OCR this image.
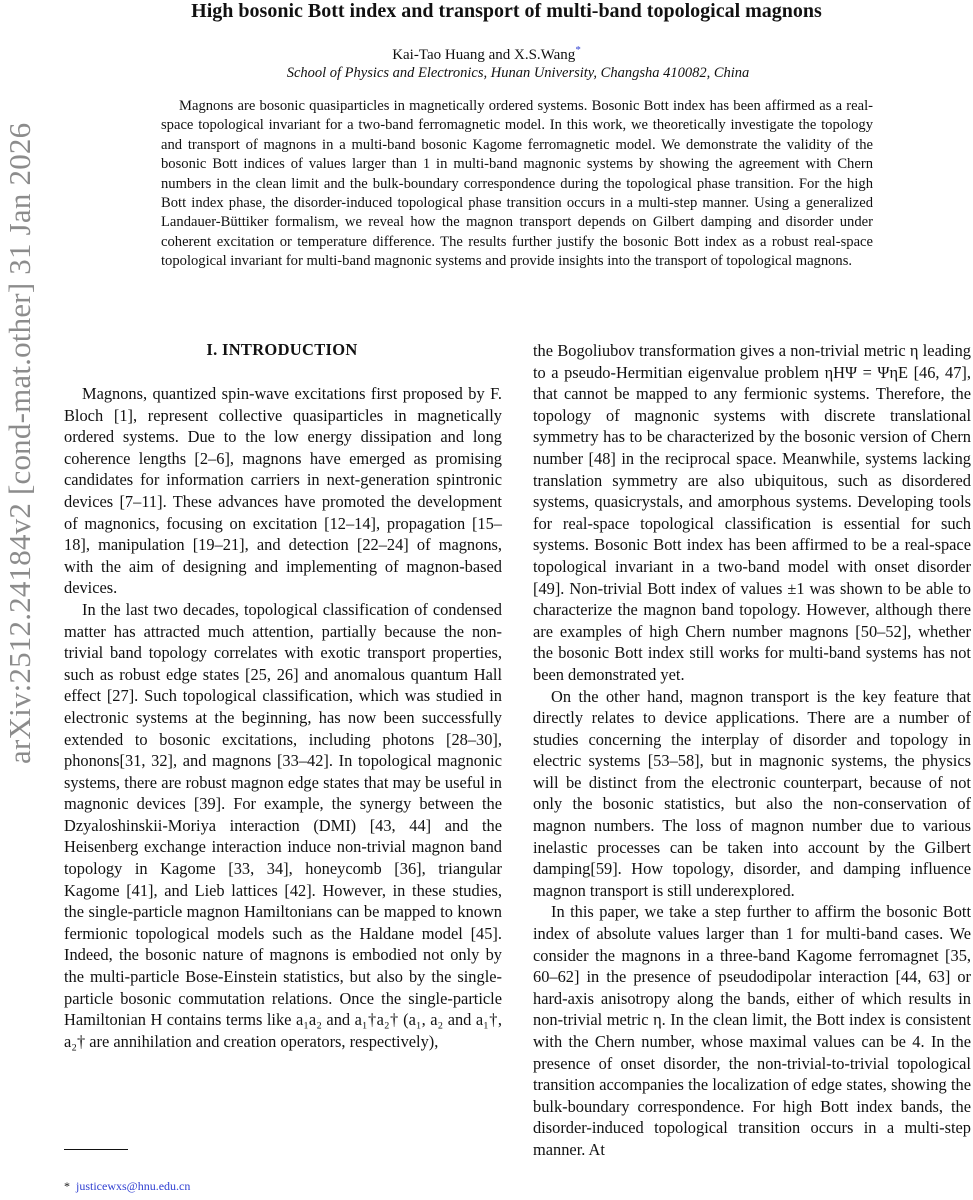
arXiv:2512.24184v2 [cond-mat.other] 31 Jan 2026
High bosonic Bott index and transport of multi-band topological magnons
Kai-Tao Huang and X.S.Wang*
School of Physics and Electronics, Hunan University, Changsha 410082, China

Magnons are bosonic quasiparticles in magnetically ordered systems. Bosonic Bott index has been affirmed as a real-space topological invariant for a two-band ferromagnetic model. In this work, we theoretically investigate the topology and transport of magnons in a multi-band bosonic Kagome ferromagnetic model. We demonstrate the validity of the bosonic Bott indices of values larger than 1 in multi-band magnonic systems by showing the agreement with Chern numbers in the clean limit and the bulk-boundary correspondence during the topological phase transition. For the high Bott index phase, the disorder-induced topological phase transition occurs in a multi-step manner. Using a generalized Landauer-Büttiker formalism, we reveal how the magnon transport depends on Gilbert damping and disorder under coherent excitation or temperature difference. The results further justify the bosonic Bott index as a robust real-space topological invariant for multi-band magnonic systems and provide insights into the transport of topological magnons.

I. INTRODUCTION

Magnons, quantized spin-wave excitations first proposed by F. Bloch [1], represent collective quasiparticles in magnetically ordered systems. Due to the low energy dissipation and long coherence lengths [2–6], magnons have emerged as promising candidates for information carriers in next-generation spintronic devices [7–11]. These advances have promoted the development of magnonics, focusing on excitation [12–14], propagation [15–18], manipulation [19–21], and detection [22–24] of magnons, with the aim of designing and implementing of magnon-based devices.

In the last two decades, topological classification of condensed matter has attracted much attention, partially because the non-trivial band topology correlates with exotic transport properties, such as robust edge states [25, 26] and anomalous quantum Hall effect [27]. Such topological classification, which was studied in electronic systems at the beginning, has now been successfully extended to bosonic excitations, including photons [28–30], phonons[31, 32], and magnons [33–42]. In topological magnonic systems, there are robust magnon edge states that may be useful in magnonic devices [39]. For example, the synergy between the Dzyaloshinskii-Moriya interaction (DMI) [43, 44] and the Heisenberg exchange interaction induce non-trivial magnon band topology in Kagome [33, 34], honeycomb [36], triangular Kagome [41], and Lieb lattices [42]. However, in these studies, the single-particle magnon Hamiltonians can be mapped to known fermionic topological models such as the Haldane model [45]. Indeed, the bosonic nature of magnons is embodied not only by the multi-particle Bose-Einstein statistics, but also by the single-particle bosonic commutation relations. Once the single-particle Hamiltonian H contains terms like a₁a₂ and a₁†a₂† (a₁, a₂ and a₁†, a₂† are annihilation and creation operators, respectively),

the Bogoliubov transformation gives a non-trivial metric η leading to a pseudo-Hermitian eigenvalue problem ηHΨ = ΨηE [46, 47], that cannot be mapped to any fermionic systems. Therefore, the topology of magnonic systems with discrete translational symmetry has to be characterized by the bosonic version of Chern number [48] in the reciprocal space. Meanwhile, systems lacking translation symmetry are also ubiquitous, such as disordered systems, quasicrystals, and amorphous systems. Developing tools for real-space topological classification is essential for such systems. Bosonic Bott index has been affirmed to be a real-space topological invariant in a two-band model with onset disorder [49]. Non-trivial Bott index of values ±1 was shown to be able to characterize the magnon band topology. However, although there are examples of high Chern number magnons [50–52], whether the bosonic Bott index still works for multi-band systems has not been demonstrated yet.

On the other hand, magnon transport is the key feature that directly relates to device applications. There are a number of studies concerning the interplay of disorder and topology in electric systems [53–58], but in magnonic systems, the physics will be distinct from the electronic counterpart, because of not only the bosonic statistics, but also the non-conservation of magnon numbers. The loss of magnon number due to various inelastic processes can be taken into account by the Gilbert damping[59]. How topology, disorder, and damping influence magnon transport is still underexplored.

In this paper, we take a step further to affirm the bosonic Bott index of absolute values larger than 1 for multi-band cases. We consider the magnons in a three-band Kagome ferromagnet [35, 60–62] in the presence of pseudodipolar interaction [44, 63] or hard-axis anisotropy along the bands, either of which results in non-trivial metric η. In the clean limit, the Bott index is consistent with the Chern number, whose maximal values can be 4. In the presence of onset disorder, the non-trivial-to-trivial topological transition accompanies the localization of edge states, showing the bulk-boundary correspondence. For high Bott index bands, the disorder-induced topological transition occurs in a multi-step manner. At

* justicewxs@hnu.edu.cn
